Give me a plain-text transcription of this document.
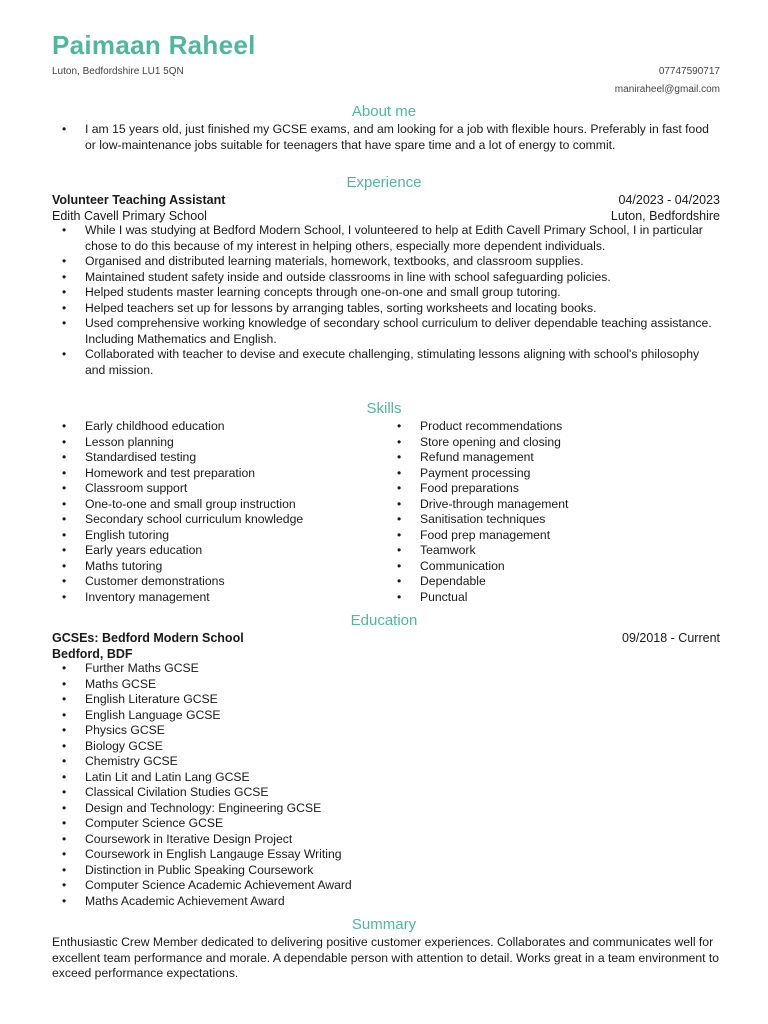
Paimaan Raheel
Luton, Bedfordshire LU1 5QN	07747590717
maniraheel@gmail.com
About me
• I am 15 years old, just finished my GCSE exams, and am looking for a job with flexible hours. Preferably in fast food or low-maintenance jobs suitable for teenagers that have spare time and a lot of energy to commit.
Experience
Volunteer Teaching Assistant	04/2023 - 04/2023
Edith Cavell Primary School	Luton, Bedfordshire
• While I was studying at Bedford Modern School, I volunteered to help at Edith Cavell Primary School, I in particular chose to do this because of my interest in helping others, especially more dependent individuals.
• Organised and distributed learning materials, homework, textbooks, and classroom supplies.
• Maintained student safety inside and outside classrooms in line with school safeguarding policies.
• Helped students master learning concepts through one-on-one and small group tutoring.
• Helped teachers set up for lessons by arranging tables, sorting worksheets and locating books.
• Used comprehensive working knowledge of secondary school curriculum to deliver dependable teaching assistance. Including Mathematics and English.
• Collaborated with teacher to devise and execute challenging, stimulating lessons aligning with school's philosophy and mission.
Skills
• Early childhood education
• Lesson planning
• Standardised testing
• Homework and test preparation
• Classroom support
• One-to-one and small group instruction
• Secondary school curriculum knowledge
• English tutoring
• Early years education
• Maths tutoring
• Customer demonstrations
• Inventory management
• Product recommendations
• Store opening and closing
• Refund management
• Payment processing
• Food preparations
• Drive-through management
• Sanitisation techniques
• Food prep management
• Teamwork
• Communication
• Dependable
• Punctual
Education
GCSEs: Bedford Modern School	09/2018 - Current
Bedford, BDF
• Further Maths GCSE
• Maths GCSE
• English Literature GCSE
• English Language GCSE
• Physics GCSE
• Biology GCSE
• Chemistry GCSE
• Latin Lit and Latin Lang GCSE
• Classical Civilation Studies GCSE
• Design and Technology: Engineering GCSE
• Computer Science GCSE
• Coursework in Iterative Design Project
• Coursework in English Langauge Essay Writing
• Distinction in Public Speaking Coursework
• Computer Science Academic Achievement Award
• Maths Academic Achievement Award
Summary
Enthusiastic Crew Member dedicated to delivering positive customer experiences. Collaborates and communicates well for excellent team performance and morale. A dependable person with attention to detail. Works great in a team environment to exceed performance expectations.
